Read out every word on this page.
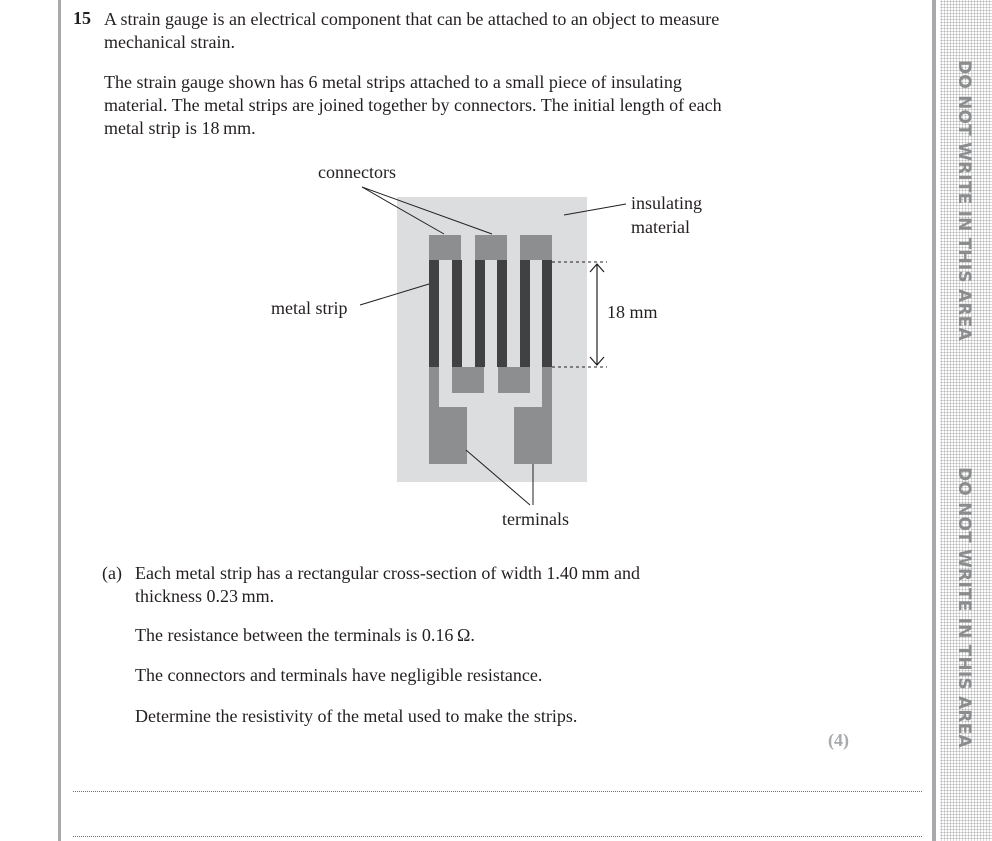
DO NOT WRITE IN THIS AREA
DO NOT WRITE IN THIS AREA
15 A strain gauge is an electrical component that can be attached to an object to measure
mechanical strain.
The strain gauge shown has 6 metal strips attached to a small piece of insulating
material. The metal strips are joined together by connectors. The initial length of each
metal strip is 18 mm.
connectors
insulating
material
metal strip	18 mm
terminals
(a) Each metal strip has a rectangular cross-section of width 1.40 mm and
thickness 0.23 mm.
The resistance between the terminals is 0.16 Ω.
The connectors and terminals have negligible resistance.
Determine the resistivity of the metal used to make the strips.
(4)
